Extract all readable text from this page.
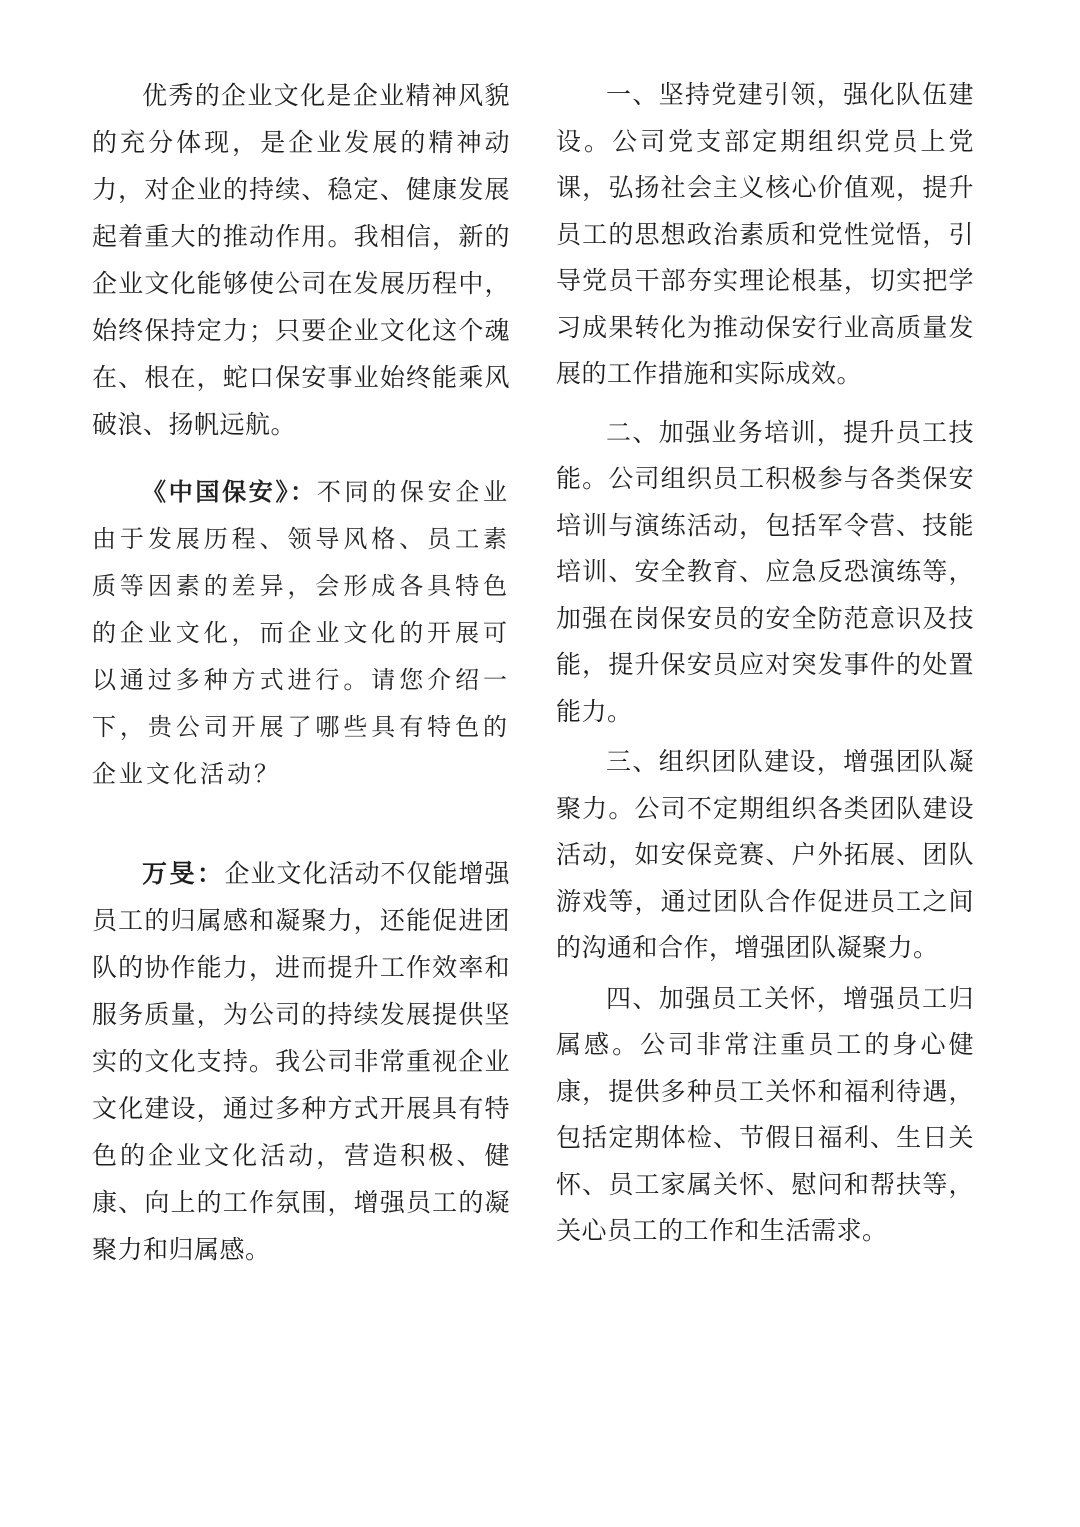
优秀的企业文化是企业精神风貌的充分体现，是企业发展的精神动力，对企业的持续、稳定、健康发展起着重大的推动作用。我相信，新的企业文化能够使公司在发展历程中，始终保持定力；只要企业文化这个魂在、根在，蛇口保安事业始终能乘风破浪、扬帆远航。

《中国保安》：不同的保安企业由于发展历程、领导风格、员工素质等因素的差异，会形成各具特色的企业文化，而企业文化的开展可以通过多种方式进行。请您介绍一下，贵公司开展了哪些具有特色的企业文化活动？

万旻：企业文化活动不仅能增强员工的归属感和凝聚力，还能促进团队的协作能力，进而提升工作效率和服务质量，为公司的持续发展提供坚实的文化支持。我公司非常重视企业文化建设，通过多种方式开展具有特色的企业文化活动，营造积极、健康、向上的工作氛围，增强员工的凝聚力和归属感。

一、坚持党建引领，强化队伍建设。公司党支部定期组织党员上党课，弘扬社会主义核心价值观，提升员工的思想政治素质和党性觉悟，引导党员干部夯实理论根基，切实把学习成果转化为推动保安行业高质量发展的工作措施和实际成效。

二、加强业务培训，提升员工技能。公司组织员工积极参与各类保安培训与演练活动，包括军令营、技能培训、安全教育、应急反恐演练等，加强在岗保安员的安全防范意识及技能，提升保安员应对突发事件的处置能力。

三、组织团队建设，增强团队凝聚力。公司不定期组织各类团队建设活动，如安保竞赛、户外拓展、团队游戏等，通过团队合作促进员工之间的沟通和合作，增强团队凝聚力。

四、加强员工关怀，增强员工归属感。公司非常注重员工的身心健康，提供多种员工关怀和福利待遇，包括定期体检、节假日福利、生日关怀、员工家属关怀、慰问和帮扶等，关心员工的工作和生活需求。
